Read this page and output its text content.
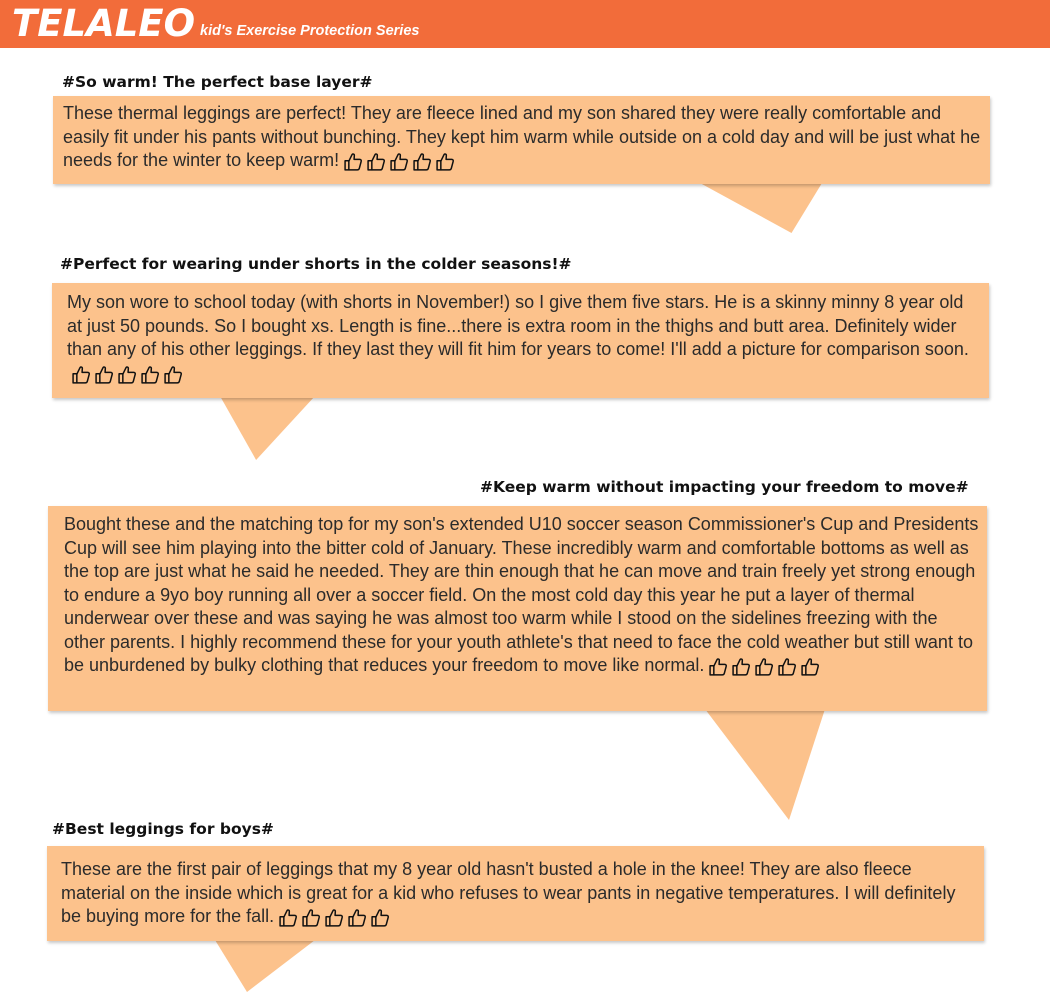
TELALEO kid's Exercise Protection Series
#So warm! The perfect base layer#
These thermal leggings are perfect! They are fleece lined and my son shared they were really comfortable and easily fit under his pants without bunching. They kept him warm while outside on a cold day and will be just what he needs for the winter to keep warm!
#Perfect for wearing under shorts in the colder seasons!#
My son wore to school today (with shorts in November!) so I give them five stars. He is a skinny minny 8 year old at just 50 pounds. So I bought xs. Length is fine...there is extra room in the thighs and butt area. Definitely wider than any of his other leggings. If they last they will fit him for years to come! I'll add a picture for comparison soon.
#Keep warm without impacting your freedom to move#
Bought these and the matching top for my son's extended U10 soccer season Commissioner's Cup and Presidents Cup will see him playing into the bitter cold of January. These incredibly warm and comfortable bottoms as well as the top are just what he said he needed. They are thin enough that he can move and train freely yet strong enough to endure a 9yo boy running all over a soccer field. On the most cold day this year he put a layer of thermal underwear over these and was saying he was almost too warm while I stood on the sidelines freezing with the other parents. I highly recommend these for your youth athlete's that need to face the cold weather but still want to be unburdened by bulky clothing that reduces your freedom to move like normal.
#Best leggings for boys#
These are the first pair of leggings that my 8 year old hasn't busted a hole in the knee! They are also fleece material on the inside which is great for a kid who refuses to wear pants in negative temperatures. I will definitely be buying more for the fall.
